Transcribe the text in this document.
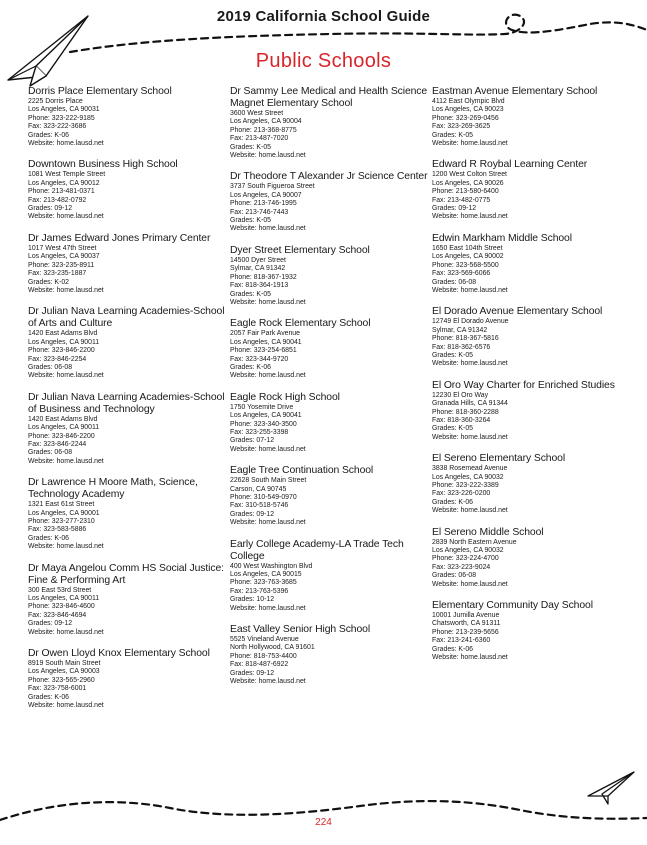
2019 California School Guide
Public Schools
Dorris Place Elementary School
2225 Dorris Place
Los Angeles, CA 90031
Phone: 323-222-9185
Fax: 323-222-3686
Grades: K-06
Website: home.lausd.net
Downtown Business High School
1081 West Temple Street
Los Angeles, CA 90012
Phone: 213-481-0371
Fax: 213-482-0792
Grades: 09-12
Website: home.lausd.net
Dr James Edward Jones Primary Center
1017 West 47th Street
Los Angeles, CA 90037
Phone: 323-235-8911
Fax: 323-235-1887
Grades: K-02
Website: home.lausd.net
Dr Julian Nava Learning Academies-School of Arts and Culture
1420 East Adams Blvd
Los Angeles, CA 90011
Phone: 323-846-2200
Fax: 323-846-2254
Grades: 06-08
Website: home.lausd.net
Dr Julian Nava Learning Academies-School of Business and Technology
1420 East Adams Blvd
Los Angeles, CA 90011
Phone: 323-846-2200
Fax: 323-846-2244
Grades: 06-08
Website: home.lausd.net
Dr Lawrence H Moore Math, Science, Technology Academy
1321 East 61st Street
Los Angeles, CA 90001
Phone: 323-277-2310
Fax: 323-583-5886
Grades: K-06
Website: home.lausd.net
Dr Maya Angelou Comm HS Social Justice: Fine & Performing Art
300 East 53rd Street
Los Angeles, CA 90011
Phone: 323-846-4600
Fax: 323-846-4694
Grades: 09-12
Website: home.lausd.net
Dr Owen Lloyd Knox Elementary School
8919 South Main Street
Los Angeles, CA 90003
Phone: 323-565-2960
Fax: 323-758-6001
Grades: K-06
Website: home.lausd.net
Dr Sammy Lee Medical and Health Science Magnet Elementary School
3600 West Street
Los Angeles, CA 90004
Phone: 213-368-8775
Fax: 213-487-7020
Grades: K-05
Website: home.lausd.net
Dr Theodore T Alexander Jr Science Center
3737 South Figueroa Street
Los Angeles, CA 90007
Phone: 213-746-1995
Fax: 213-746-7443
Grades: K-05
Website: home.lausd.net
Dyer Street Elementary School
14500 Dyer Street
Sylmar, CA 91342
Phone: 818-367-1932
Fax: 818-364-1913
Grades: K-05
Website: home.lausd.net
Eagle Rock Elementary School
2057 Fair Park Avenue
Los Angeles, CA 90041
Phone: 323-254-6851
Fax: 323-344-9720
Grades: K-06
Website: home.lausd.net
Eagle Rock High School
1750 Yosemite Drive
Los Angeles, CA 90041
Phone: 323-340-3500
Fax: 323-255-3398
Grades: 07-12
Website: home.lausd.net
Eagle Tree Continuation School
22628 South Main Street
Carson, CA 90745
Phone: 310-549-0970
Fax: 310-518-5746
Grades: 09-12
Website: home.lausd.net
Early College Academy-LA Trade Tech College
400 West Washington Blvd
Los Angeles, CA 90015
Phone: 323-763-3685
Fax: 213-763-5396
Grades: 10-12
Website: home.lausd.net
East Valley Senior High School
5525 Vineland Avenue
North Hollywood, CA 91601
Phone: 818-753-4400
Fax: 818-487-6922
Grades: 09-12
Website: home.lausd.net
Eastman Avenue Elementary School
4112 East Olympic Blvd
Los Angeles, CA 90023
Phone: 323-269-0456
Fax: 323-269-3625
Grades: K-05
Website: home.lausd.net
Edward R Roybal Learning Center
1200 West Colton Street
Los Angeles, CA 90026
Phone: 213-580-6400
Fax: 213-482-0775
Grades: 09-12
Website: home.lausd.net
Edwin Markham Middle School
1650 East 104th Street
Los Angeles, CA 90002
Phone: 323-568-5500
Fax: 323-569-6066
Grades: 06-08
Website: home.lausd.net
El Dorado Avenue Elementary School
12749 El Dorado Avenue
Sylmar, CA 91342
Phone: 818-367-5816
Fax: 818-362-6576
Grades: K-05
Website: home.lausd.net
El Oro Way Charter for Enriched Studies
12230 El Oro Way
Granada Hills, CA 91344
Phone: 818-360-2288
Fax: 818-360-3264
Grades: K-05
Website: home.lausd.net
El Sereno Elementary School
3838 Rosemead Avenue
Los Angeles, CA 90032
Phone: 323-222-3389
Fax: 323-226-0200
Grades: K-06
Website: home.lausd.net
El Sereno Middle School
2839 North Eastern Avenue
Los Angeles, CA 90032
Phone: 323-224-4700
Fax: 323-223-9024
Grades: 06-08
Website: home.lausd.net
Elementary Community Day School
10001 Jumilla Avenue
Chatsworth, CA 91311
Phone: 213-239-5656
Fax: 213-241-6360
Grades: K-06
Website: home.lausd.net
224
